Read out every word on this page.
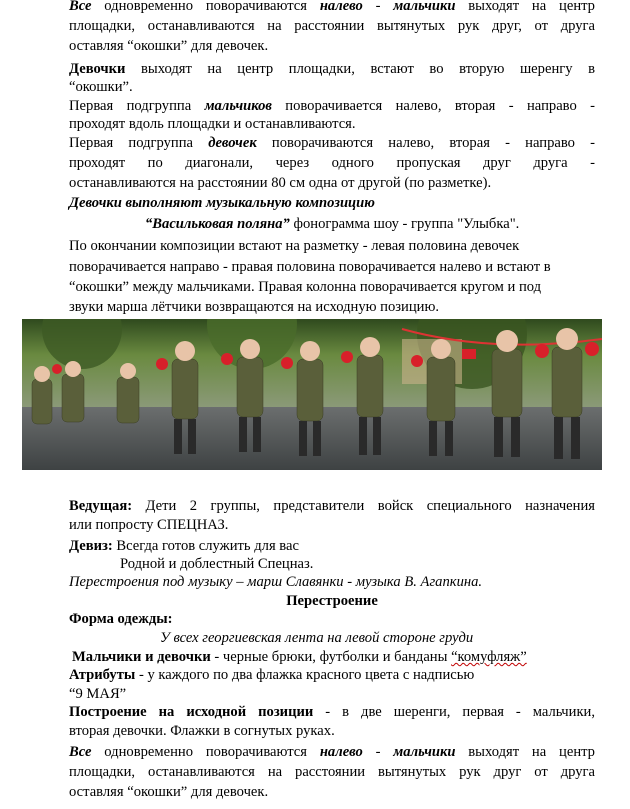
Все одновременно поворачиваются налево - мальчики выходят на центр
площадки, останавливаются на расстоянии вытянутых рук друг, от друга
оставляя “окошки” для девочек.
Девочки выходят на центр площадки, встают во вторую шеренгу в
“окошки”.
Первая подгруппа мальчиков поворачивается налево, вторая - направо -
проходят вдоль площадки и останавливаются.
Первая подгруппа девочек поворачиваются налево, вторая - направо -
проходят по диагонали, через одного пропуская друг друга -
останавливаются на расстоянии 80 см одна от другой (по разметке).
Девочки выполняют музыкальную композицию
“Васильковая поляна” фонограмма шоу - группа "Улыбка".
По окончании композиции встают на разметку - левая половина девочек
поворачивается направо - правая половина поворачивается налево и встают в
“окошки” между мальчиками. Правая колонна поворачивается кругом и под
звуки марша лётчики возвращаются на исходную позицию.
Ведущая: Дети 2 группы, представители войск специального назначения
или попросту СПЕЦНАЗ.
Девиз: Всегда готов служить для вас
Родной и доблестный Спецназ.
Перестроения под музыку – марш Славянки - музыка В. Агапкина.
Перестроение
Форма одежды:
У всех георгиевская лента на левой стороне груди
Мальчики и девочки - черные брюки, футболки и банданы “комуфляж”
Атрибуты - у каждого по два флажка красного цвета с надписью
“9 МАЯ”
Построение на исходной позиции - в две шеренги, первая - мальчики,
вторая девочки. Флажки в согнутых руках.
Все одновременно поворачиваются налево - мальчики выходят на центр
площадки, останавливаются на расстоянии вытянутых рук друг от друга
оставляя “окошки” для девочек.
